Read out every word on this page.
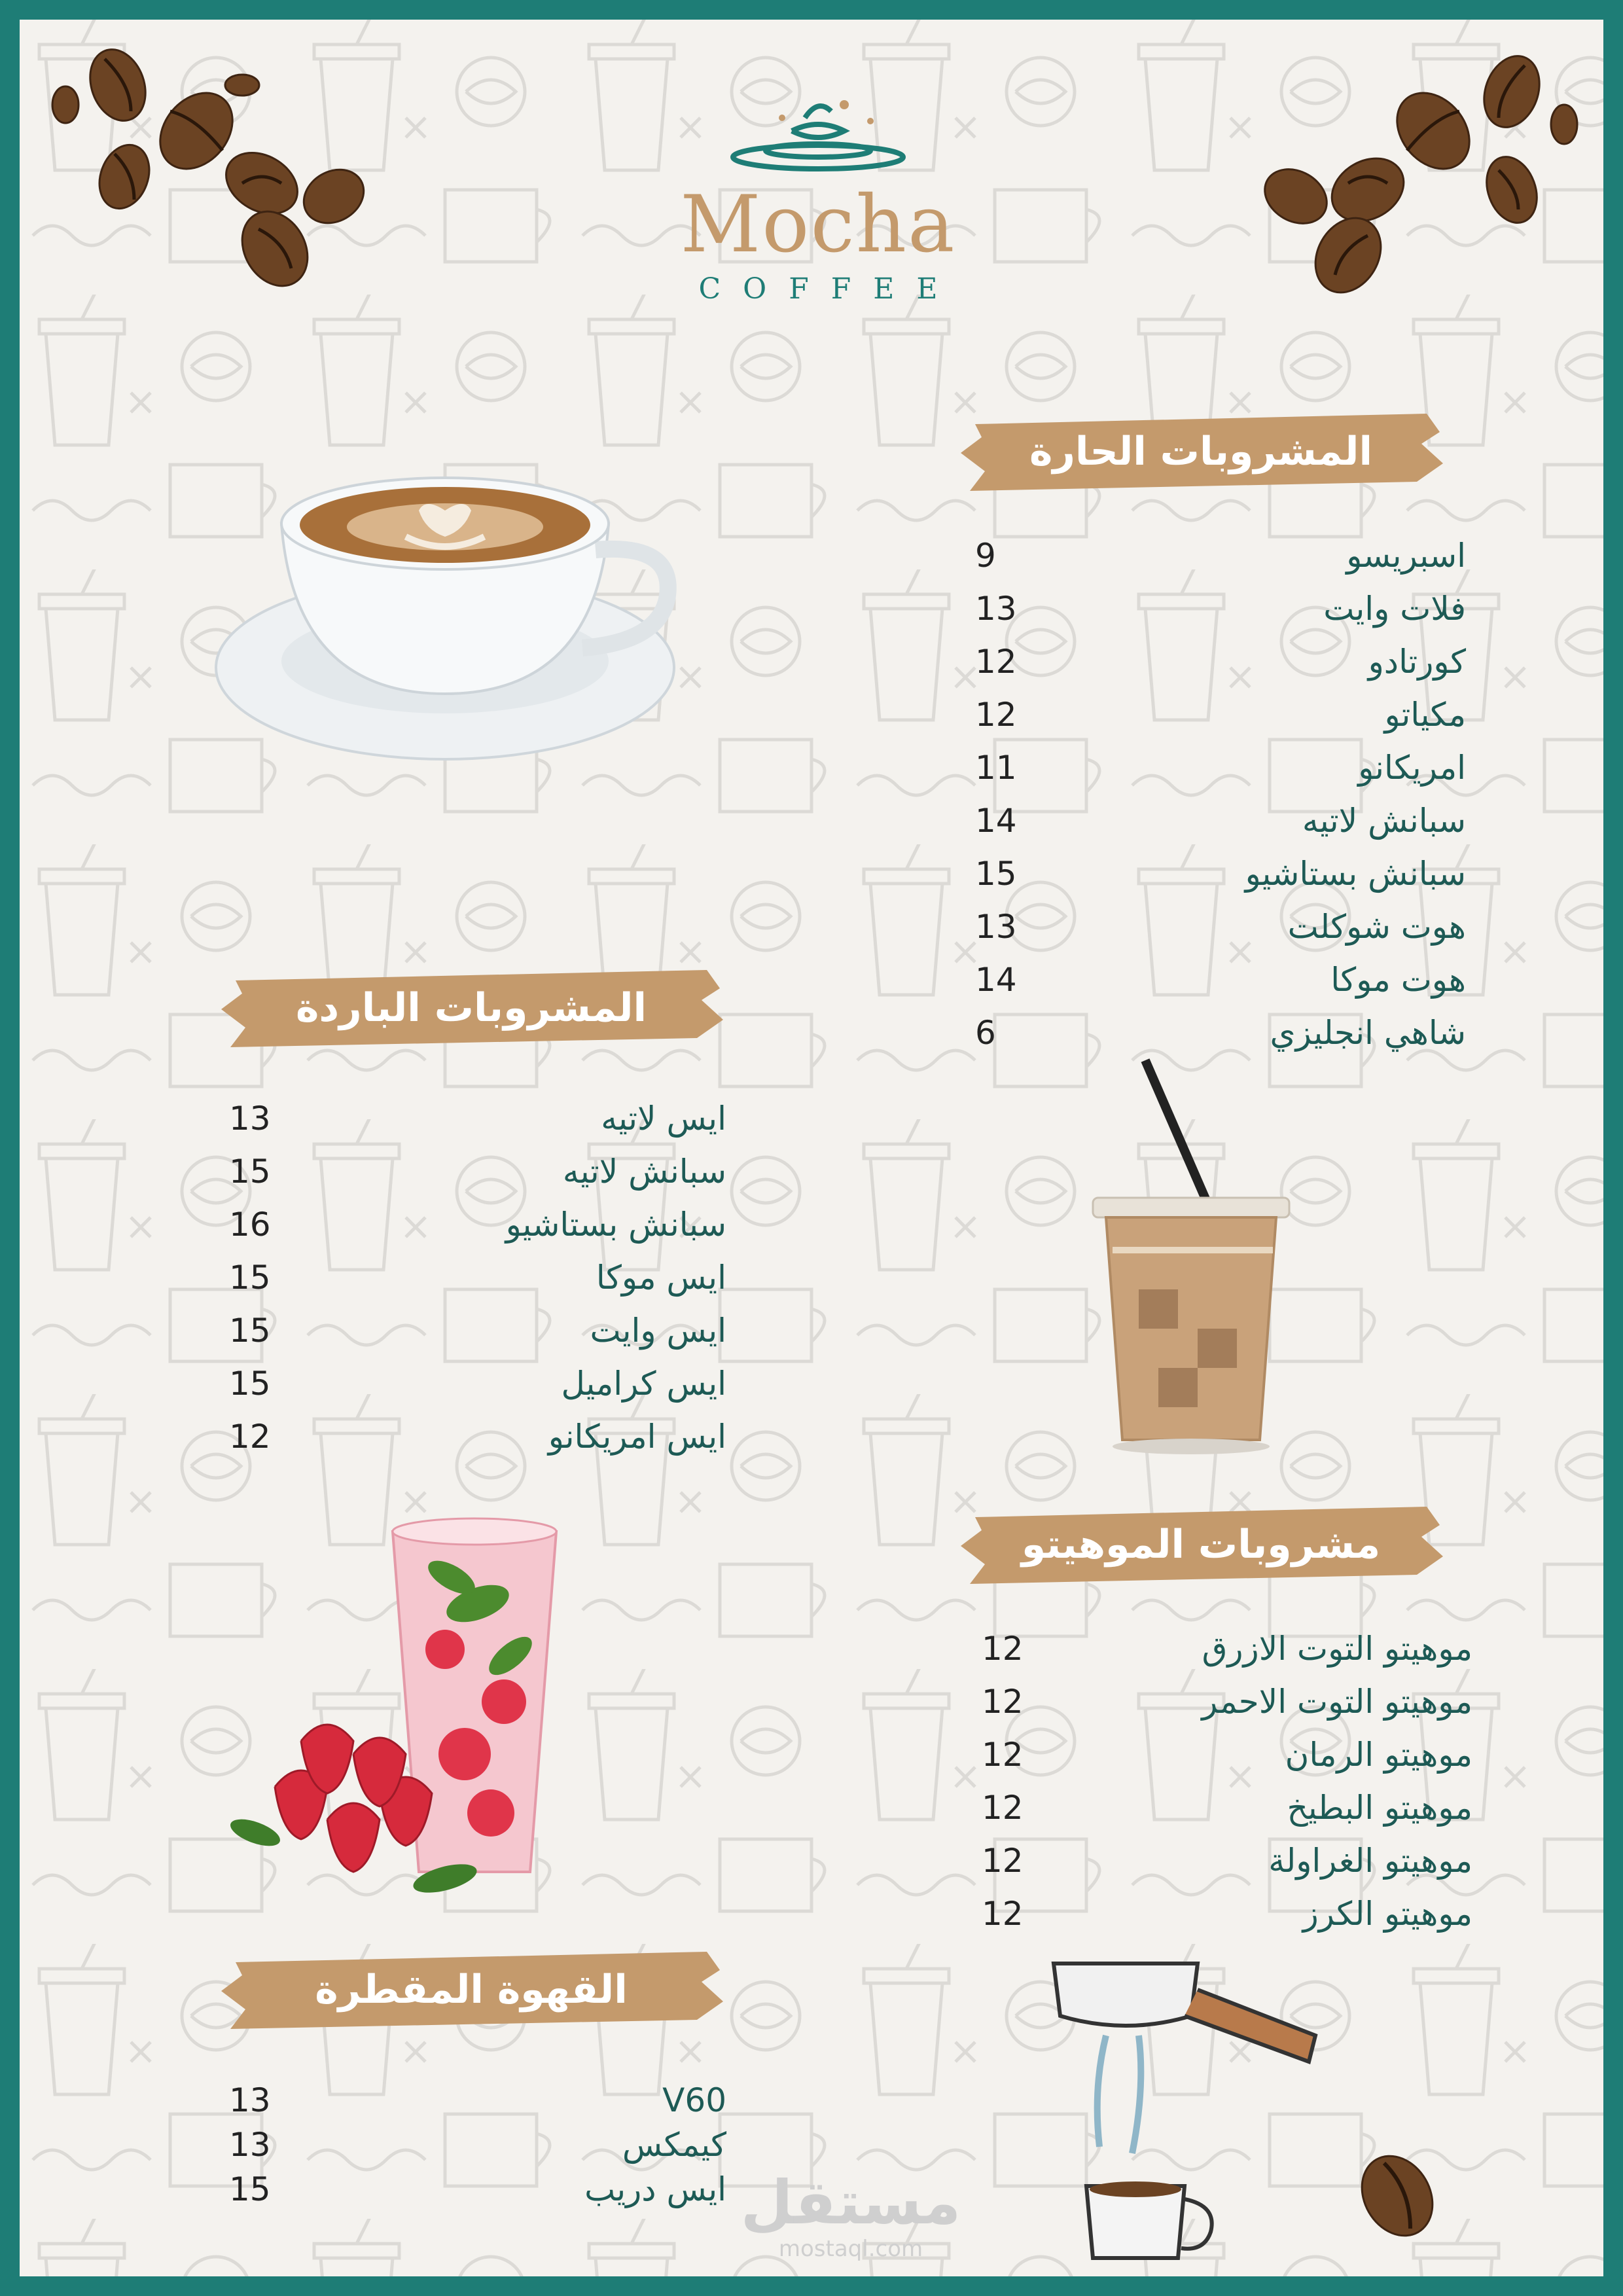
Mocha
COFFEE
المشروبات الحارة
اسبريسو
9
فلات وايت
13
كورتادو
12
مكياتو
12
امريكانو
11
سبانش لاتيه
14
سبانش بستاشيو
15
هوت شوكلت
13
هوت موكا
14
شاهي انجليزي
6
المشروبات الباردة
ايس لاتيه
13
سبانش لاتيه
15
سبانش بستاشيو
16
ايس موكا
15
ايس وايت
15
ايس كراميل
15
ايس امريكانو
12
مشروبات الموهيتو
موهيتو التوت الازرق
12
موهيتو التوت الاحمر
12
موهيتو الرمان
12
موهيتو البطيخ
12
موهيتو الغراولة
12
موهيتو الكرز
12
القهوة المقطرة
V60
13
كيمكس
13
ايس دريب
15	مستقل
mostaql.com
